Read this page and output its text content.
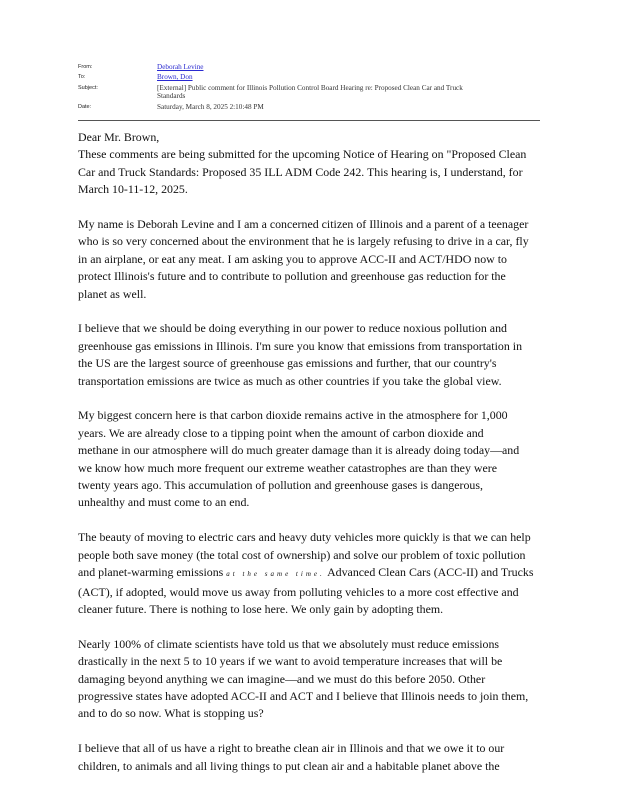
From:	Deborah Levine
To:	Brown, Don
Subject:	[External] Public comment for Illinois Pollution Control Board Hearing re: Proposed Clean Car and Truck
Standards
Date:	Saturday, March 8, 2025 2:10:48 PM

Dear Mr. Brown,

These comments are being submitted for the upcoming Notice of Hearing on "Proposed Clean

Car and Truck Standards: Proposed 35 ILL ADM Code 242. This hearing is, I understand, for

March 10-11-12, 2025.

My name is Deborah Levine and I am a concerned citizen of Illinois and a parent of a teenager

who is so very concerned about the environment that he is largely refusing to drive in a car, fly

in an airplane, or eat any meat. I am asking you to approve ACC-II and ACT/HDO now to

protect Illinois's future and to contribute to pollution and greenhouse gas reduction for the

planet as well.

I believe that we should be doing everything in our power to reduce noxious pollution and

greenhouse gas emissions in Illinois. I'm sure you know that emissions from transportation in

the US are the largest source of greenhouse gas emissions and further, that our country's

transportation emissions are twice as much as other countries if you take the global view.

My biggest concern here is that carbon dioxide remains active in the atmosphere for 1,000

years. We are already close to a tipping point when the amount of carbon dioxide and

methane in our atmosphere will do much greater damage than it is already doing today—and

we know how much more frequent our extreme weather catastrophes are than they were

twenty years ago. This accumulation of pollution and greenhouse gases is dangerous,

unhealthy and must come to an end.

The beauty of moving to electric cars and heavy duty vehicles more quickly is that we can help

people both save money (the total cost of ownership) and solve our problem of toxic pollution

and planet-warming emissions at the same time. Advanced Clean Cars (ACC-II) and Trucks

(ACT), if adopted, would move us away from polluting vehicles to a more cost effective and

cleaner future. There is nothing to lose here. We only gain by adopting them.

Nearly 100% of climate scientists have told us that we absolutely must reduce emissions

drastically in the next 5 to 10 years if we want to avoid temperature increases that will be

damaging beyond anything we can imagine—and we must do this before 2050. Other

progressive states have adopted ACC-II and ACT and I believe that Illinois needs to join them,

and to do so now. What is stopping us?

I believe that all of us have a right to breathe clean air in Illinois and that we owe it to our

children, to animals and all living things to put clean air and a habitable planet above the
